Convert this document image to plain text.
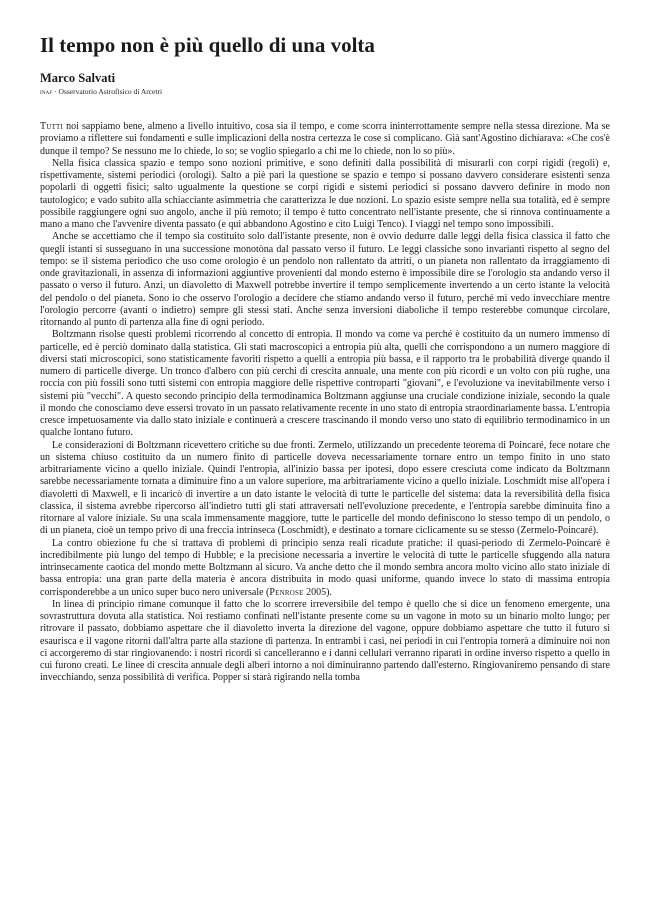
Il tempo non è più quello di una volta
Marco Salvati
inaf · Osservatorio Astrofisico di Arcetri

Tutti noi sappiamo bene, almeno a livello intuitivo, cosa sia il tempo, e come scorra ininterrottamente sempre nella stessa direzione. Ma se proviamo a riflettere sui fondamenti e sulle implicazioni della nostra certezza le cose si complicano. Già sant'Agostino dichiarava: «Che cos'è dunque il tempo? Se nessuno me lo chiede, lo so; se voglio spiegarlo a chi me lo chiede, non lo so più».

Nella fisica classica spazio e tempo sono nozioni primitive, e sono definiti dalla possibilità di misurarli con corpi rigidi (regoli) e, rispettivamente, sistemi periodici (orologi). Salto a piè pari la questione se spazio e tempo si possano davvero considerare esistenti senza popolarli di oggetti fisici; salto ugualmente la questione se corpi rigidi e sistemi periodici si possano davvero definire in modo non tautologico; e vado subito alla schiacciante asimmetria che caratterizza le due nozioni. Lo spazio esiste sempre nella sua totalità, ed è sempre possibile raggiungere ogni suo angolo, anche il più remoto; il tempo è tutto concentrato nell'istante presente, che si rinnova continuamente a mano a mano che l'avvenire diventa passato (e qui abbandono Agostino e cito Luigi Tenco). I viaggi nel tempo sono impossibili.

Anche se accettiamo che il tempo sia costituito solo dall'istante presente, non è ovvio dedurre dalle leggi della fisica classica il fatto che quegli istanti si susseguano in una successione monotòna dal passato verso il futuro. Le leggi classiche sono invarianti rispetto al segno del tempo: se il sistema periodico che uso come orologio è un pendolo non rallentato da attriti, o un pianeta non rallentato da irraggiamento di onde gravitazionali, in assenza di informazioni aggiuntive provenienti dal mondo esterno è impossibile dire se l'orologio sta andando verso il passato o verso il futuro. Anzi, un diavoletto di Maxwell potrebbe invertire il tempo semplicemente invertendo a un certo istante la velocità del pendolo o del pianeta. Sono io che osservo l'orologio a decidere che stiamo andando verso il futuro, perché mi vedo invecchiare mentre l'orologio percorre (avanti o indietro) sempre gli stessi stati. Anche senza inversioni diaboliche il tempo resterebbe comunque circolare, ritornando al punto di partenza alla fine di ogni periodo.

Boltzmann risolse questi problemi ricorrendo al concetto di entropia. Il mondo va come va perché è costituito da un numero immenso di particelle, ed è perciò dominato dalla statistica. Gli stati macroscopici a entropia più alta, quelli che corrispondono a un numero maggiore di diversi stati microscopici, sono statisticamente favoriti rispetto a quelli a entropia più bassa, e il rapporto tra le probabilità diverge quando il numero di particelle diverge. Un tronco d'albero con più cerchi di crescita annuale, una mente con più ricordi e un volto con più rughe, una roccia con più fossili sono tutti sistemi con entropia maggiore delle rispettive controparti "giovani", e l'evoluzione va inevitabilmente verso i sistemi più "vecchi". A questo secondo principio della termodinamica Boltzmann aggiunse una cruciale condizione iniziale, secondo la quale il mondo che conosciamo deve essersi trovato in un passato relativamente recente in uno stato di entropia straordinariamente bassa. L'entropia cresce impetuosamente via dallo stato iniziale e continuerà a crescere trascinando il mondo verso uno stato di equilibrio termodinamico in un qualche lontano futuro.

Le considerazioni di Boltzmann ricevettero critiche su due fronti. Zermelo, utilizzando un precedente teorema di Poincaré, fece notare che un sistema chiuso costituito da un numero finito di particelle doveva necessariamente tornare entro un tempo finito in uno stato arbitrariamente vicino a quello iniziale. Quindi l'entropia, all'inizio bassa per ipotesi, dopo essere cresciuta come indicato da Boltzmann sarebbe necessariamente tornata a diminuire fino a un valore superiore, ma arbitrariamente vicino a quello iniziale. Loschmidt mise all'opera i diavoletti di Maxwell, e li incaricò di invertire a un dato istante le velocità di tutte le particelle del sistema: data la reversibilità della fisica classica, il sistema avrebbe ripercorso all'indietro tutti gli stati attraversati nell'evoluzione precedente, e l'entropia sarebbe diminuita fino a ritornare al valore iniziale. Su una scala immensamente maggiore, tutte le particelle del mondo definiscono lo stesso tempo di un pendolo, o di un pianeta, cioè un tempo privo di una freccia intrinseca (Loschmidt), e destinato a tornare ciclicamente su se stesso (Zermelo-Poincaré).

La contro obiezione fu che si trattava di problemi di principio senza reali ricadute pratiche: il quasi-periodo di Zermelo-Poincaré è incredibilmente più lungo del tempo di Hubble; e la precisione necessaria a invertire le velocità di tutte le particelle sfuggendo alla natura intrinsecamente caotica del mondo mette Boltzmann al sicuro. Va anche detto che il mondo sembra ancora molto vicino allo stato iniziale di bassa entropia: una gran parte della materia è ancora distribuita in modo quasi uniforme, quando invece lo stato di massima entropia corrisponderebbe a un unico super buco nero universale (Penrose 2005).

In linea di principio rimane comunque il fatto che lo scorrere irreversibile del tempo è quello che si dice un fenomeno emergente, una sovrastruttura dovuta alla statistica. Noi restiamo confinati nell'istante presente come su un vagone in moto su un binario molto lungo; per ritrovare il passato, dobbiamo aspettare che il diavoletto inverta la direzione del vagone, oppure dobbiamo aspettare che tutto il futuro si esaurisca e il vagone ritorni dall'altra parte alla stazione di partenza. In entrambi i casi, nei periodi in cui l'entropia tornerà a diminuire noi non ci accorgeremo di star ringiovanendo: i nostri ricordi si cancelleranno e i danni cellulari verranno riparati in ordine inverso rispetto a quello in cui furono creati. Le linee di crescita annuale degli alberi intorno a noi diminuiranno partendo dall'esterno. Ringiovaniremo pensando di stare invecchiando, senza possibilità di verifica. Popper si starà rigirando nella tomba
